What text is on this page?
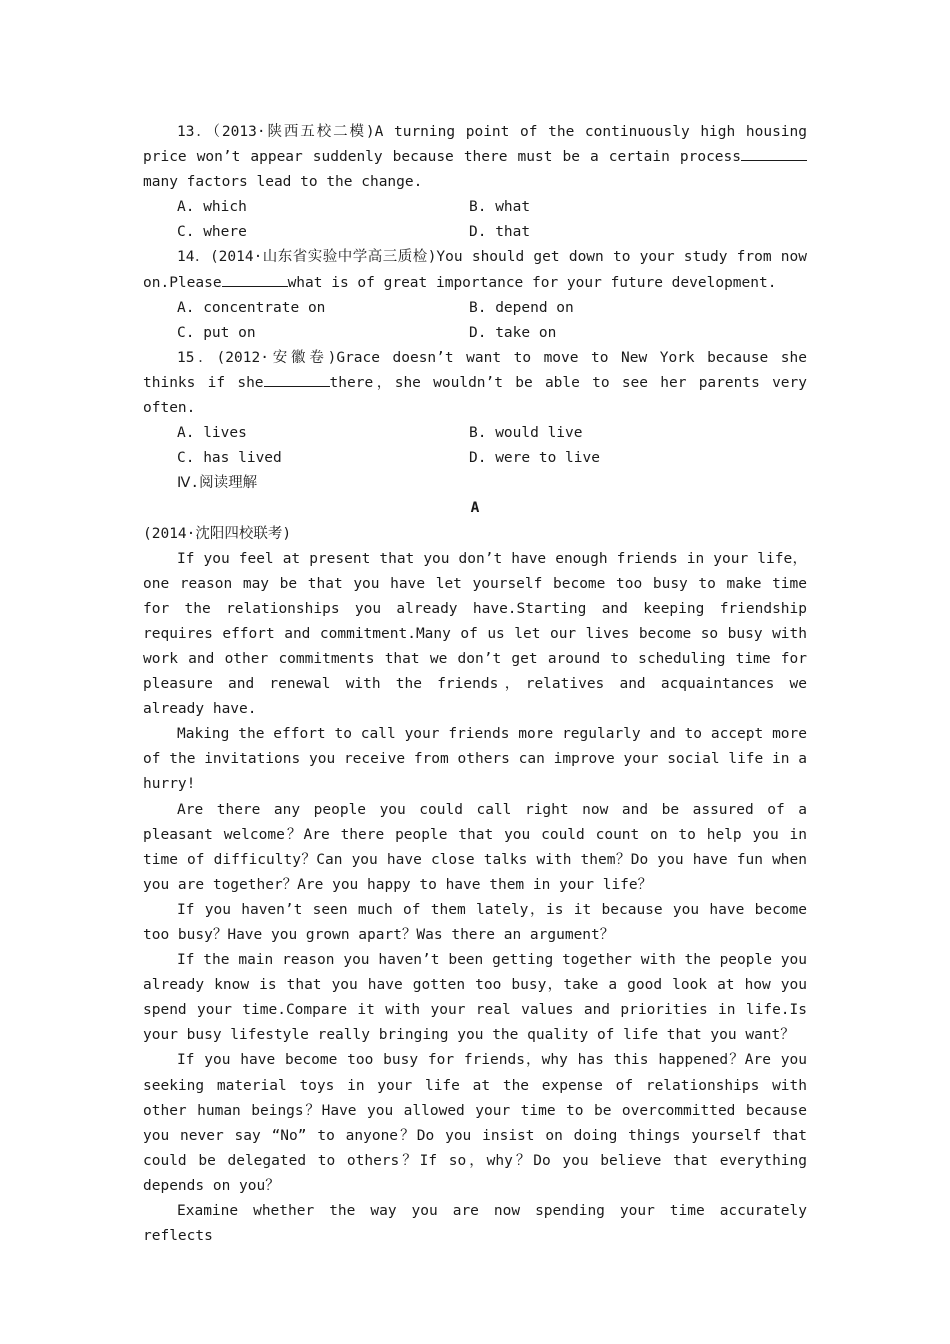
13．（2013·陕西五校二模)A turning point of the continuously high housing price won’t appear suddenly because there must be a certain processmany factors lead to the change.

A. which	B. what
C. where	D. that

14．(2014·山东省实验中学高三质检)You should get down to your study from now on.Please	what is of great importance for your future development.

A. concentrate on	B. depend on
C. put on	D. take on

15．(2012·安徽卷)Grace doesn’t want to move to New York because she thinks if she	there，she wouldn’t be able to see her parents very often.

A. lives	B. would live
C. has lived	D. were to live

Ⅳ.阅读理解

A

(2014·沈阳四校联考)

If you feel at present that you don’t have enough friends in your life，one reason may be that you have let yourself become too busy to make time for the relationships you already have.Starting and keeping friendship requires effort and commitment.Many of us let our lives become so busy with work and other commitments that we don’t get around to scheduling time for pleasure and renewal with the friends，relatives and acquaintances we already have.

Making the effort to call your friends more regularly and to accept more of the invitations you receive from others can improve your social life in a hurry!

Are there any people you could call right now and be assured of a pleasant welcome？Are there people that you could count on to help you in time of difficulty？Can you have close talks with them？Do you have fun when you are together？Are you happy to have them in your life？

If you haven’t seen much of them lately，is it because you have become too busy？Have you grown apart？Was there an argument？

If the main reason you haven’t been getting together with the people you already know is that you have gotten too busy，take a good look at how you spend your time.Compare it with your real values and priorities in life.Is your busy lifestyle really bringing you the quality of life that you want？

If you have become too busy for friends，why has this happened？Are you seeking material toys in your life at the expense of relationships with other human beings？Have you allowed your time to be overcommitted because you never say “No” to anyone？Do you insist on doing things yourself that could be delegated to others？If so，why？Do you believe that everything depends on you？

Examine whether the way you are now spending your time accurately reflects
